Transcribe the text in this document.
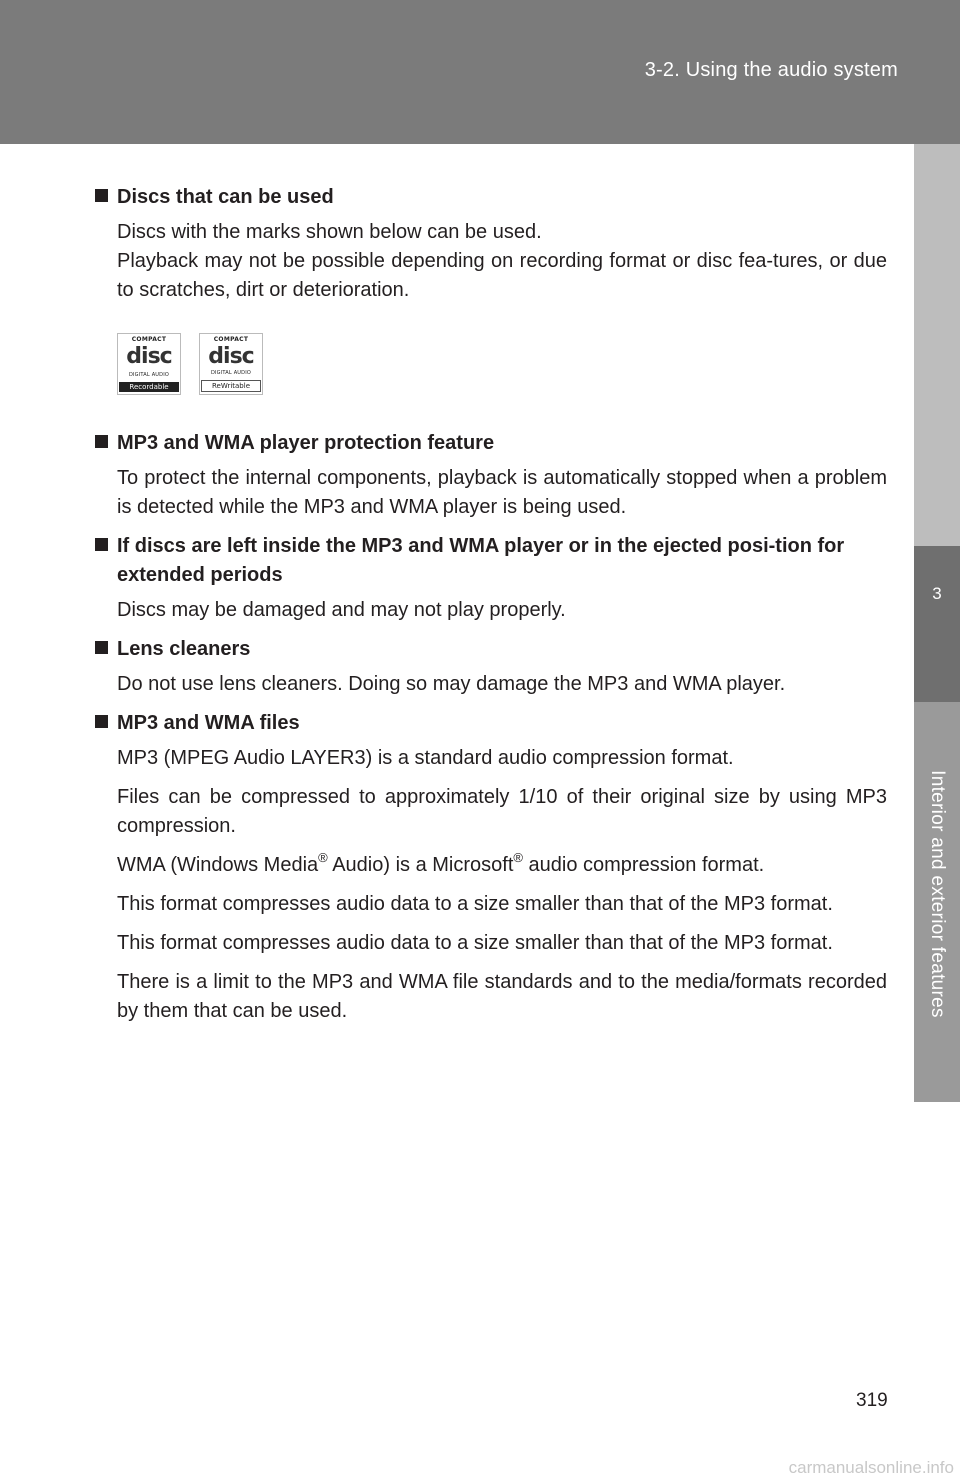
3-2. Using the audio system
3
Interior and exterior features
Discs that can be used
Discs with the marks shown below can be used.
Playback may not be possible depending on recording format or disc fea-tures, or due to scratches, dirt or deterioration.
COMPACT
disc
DIGITAL AUDIO
Recordable
COMPACT
disc
DIGITAL AUDIO
ReWritable
MP3 and WMA player protection feature
To protect the internal components, playback is automatically stopped when a problem is detected while the MP3 and WMA player is being used.
If discs are left inside the MP3 and WMA player or in the ejected posi-tion for extended periods
Discs may be damaged and may not play properly.
Lens cleaners
Do not use lens cleaners. Doing so may damage the MP3 and WMA player.
MP3 and WMA files
MP3 (MPEG Audio LAYER3) is a standard audio compression format.
Files can be compressed to approximately 1/10 of their original size by using MP3 compression.
WMA (Windows Media® Audio) is a Microsoft® audio compression format.
This format compresses audio data to a size smaller than that of the MP3 format.
This format compresses audio data to a size smaller than that of the MP3 format.
There is a limit to the MP3 and WMA file standards and to the media/formats recorded by them that can be used.
319
carmanualsonline.info
